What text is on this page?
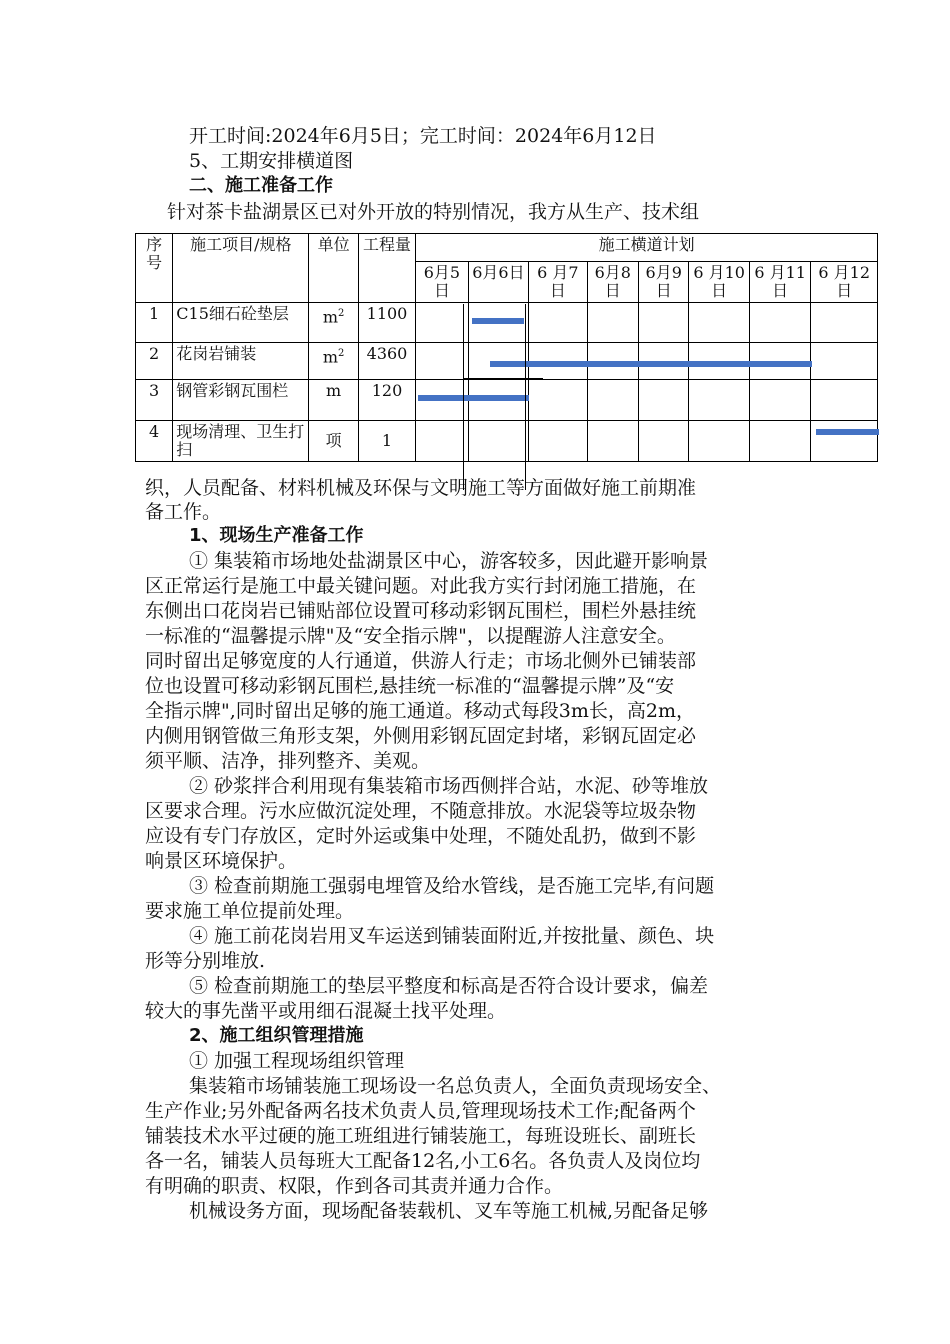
开工时间:2024年6月5日；完工时间：2024年6月12日
5、工期安排横道图
二、施工准备工作
针对茶卡盐湖景区已对外开放的特别情况，我方从生产、技术组
序号	施工项目/规格	单位	工程量	施工横道计划							
				6月5日	6月6日	6 月7日	6月8日	6月9日	6 月10日	6 月11日	6 月12日
1	C15细石砼垫层	$m^2$	1100								
2	花岗岩铺装	$m^2$	4360								
3	钢管彩钢瓦围栏	m	120								
4	现场清理、卫生打扫	项	1								
织，人员配备、材料机械及环保与文明施工等方面做好施工前期准
备工作。
1、现场生产准备工作
① 集装箱市场地处盐湖景区中心，游客较多，因此避开影响景
区正常运行是施工中最关键问题。对此我方实行封闭施工措施，在
东侧出口花岗岩已铺贴部位设置可移动彩钢瓦围栏，围栏外悬挂统
一标准的“温馨提示牌"及“安全指示牌"，以提醒游人注意安全。
同时留出足够宽度的人行通道，供游人行走；市场北侧外已铺装部
位也设置可移动彩钢瓦围栏,悬挂统一标准的“温馨提示牌”及“安
全指示牌",同时留出足够的施工通道。移动式每段3m长，高2m，
内侧用钢管做三角形支架，外侧用彩钢瓦固定封堵，彩钢瓦固定必
须平顺、洁净，排列整齐、美观。
② 砂浆拌合利用现有集装箱市场西侧拌合站，水泥、砂等堆放
区要求合理。污水应做沉淀处理，不随意排放。水泥袋等垃圾杂物
应设有专门存放区，定时外运或集中处理，不随处乱扔，做到不影
响景区环境保护。
③ 检查前期施工强弱电埋管及给水管线，是否施工完毕,有问题
要求施工单位提前处理。
④ 施工前花岗岩用叉车运送到铺装面附近,并按批量、颜色、块
形等分别堆放.
⑤ 检查前期施工的垫层平整度和标高是否符合设计要求，偏差
较大的事先凿平或用细石混凝土找平处理。
2、施工组织管理措施
① 加强工程现场组织管理
集装箱市场铺装施工现场设一名总负责人，全面负责现场安全、
生产作业;另外配备两名技术负责人员,管理现场技术工作;配备两个
铺装技术水平过硬的施工班组进行铺装施工，每班设班长、副班长
各一名，铺装人员每班大工配备12名,小工6名。各负责人及岗位均
有明确的职责、权限，作到各司其责并通力合作。
机械设务方面，现场配备装载机、叉车等施工机械,另配备足够
